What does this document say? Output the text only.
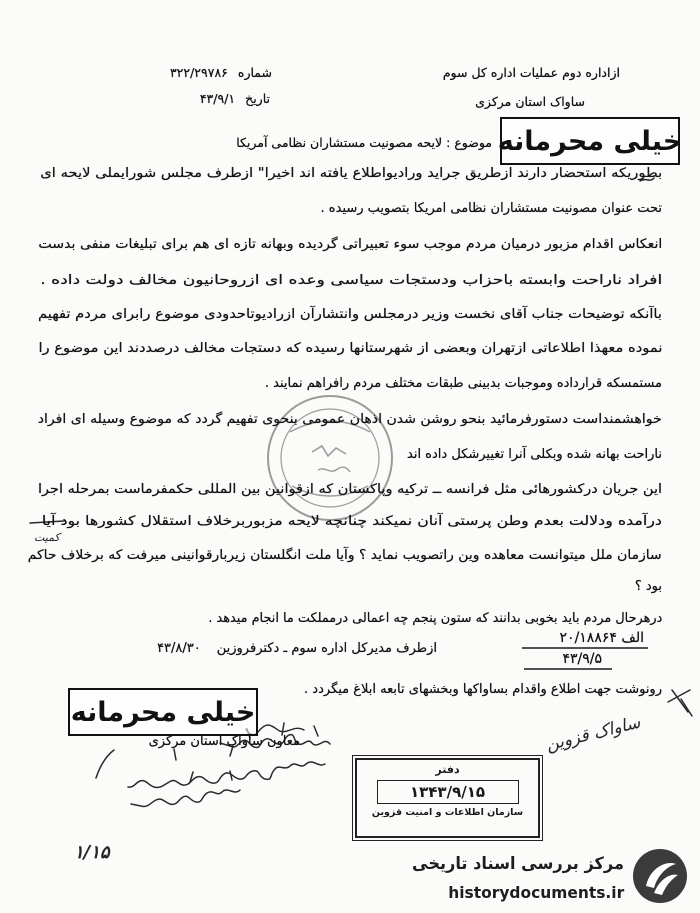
ازاداره دوم عملیات اداره کل سوم
ساواک استان مرکزی
شماره
۳۲۲/۲۹۷۸۶
تاریخ
۴۳/۹/۱
خیلی محرمانه
موضوع : لایحه مصونیت مستشاران نظامی آمریکا
بطوریکه استحضار دارند ازطریق جراید ورادیواطلاع یافته اند اخیرا" ازطرف مجلس شورایملی لایحه ای
تحت عنوان مصونیت مستشاران نظامی امریکا بتصویب رسیده .
انعکاس اقدام مزبور درمیان مردم موجب سوء تعبیراتی گردیده وبهانه تازه ای هم برای تبلیغات منفی بدست
افراد ناراحت وابسته باحزاب ودستجات سیاسی وعده ای ازروحانیون مخالف دولت داده .
باآنکه توضیحات جناب آقای نخست وزیر درمجلس وانتشارآن ازرادیوتاحدودی موضوع رابرای مردم تفهیم
نموده معهذا اطلاعاتی ازتهران وبعضی از شهرستانها رسیده که دستجات مخالف درصددند این موضوع را
مستمسکه قرارداده وموجبات بدبینی طبقات مختلف مردم رافراهم نمایند .
خواهشمنداست دستورفرمائید بنحو روشن شدن اذهان عمومی بنحوی تفهیم گردد که موضوع وسیله ای افراد
ناراحت بهانه شده وبکلی آنرا تغییرشکل داده اند
این جریان درکشورهائی مثل فرانسه ــ ترکیه وپاکستان که ازقوانین بین المللی حکمفرماست بمرحله اجرا
درآمده ودلالت بعدم وطن پرستی آنان نمیکند چنانچه لایحه مزبوربرخلاف استقلال کشورها بود آیا
سازمان ملل میتوانست معاهده وین راتصویب نماید ؟ وآیا ملت انگلستان زیربارقوانینی میرفت که برخلاف حاکم
بود ؟
درهرحال مردم باید بخوبی بدانند که ستون پنجم چه اعمالی درمملکت ما انجام میدهد .
کمیت
ازطرف مدیرکل اداره سوم ـ دکترفروزین
۴۳/۸/۳۰
الف ۲۰/۱۸۸۶۴
۴۳/۹/۵
رونوشت جهت اطلاع واقدام بساواکها وبخشهای تابعه ابلاغ میگردد .
خیلی محرمانه
معاون ساواک استان مرکزی	ساواک قزوین
دفتر
۱۳۴۳/۹/۱۵
سازمان اطلاعات و امنیت قزوین
۱/۱۵
مرکز بررسی اسناد تاریخی
historydocuments.ir
